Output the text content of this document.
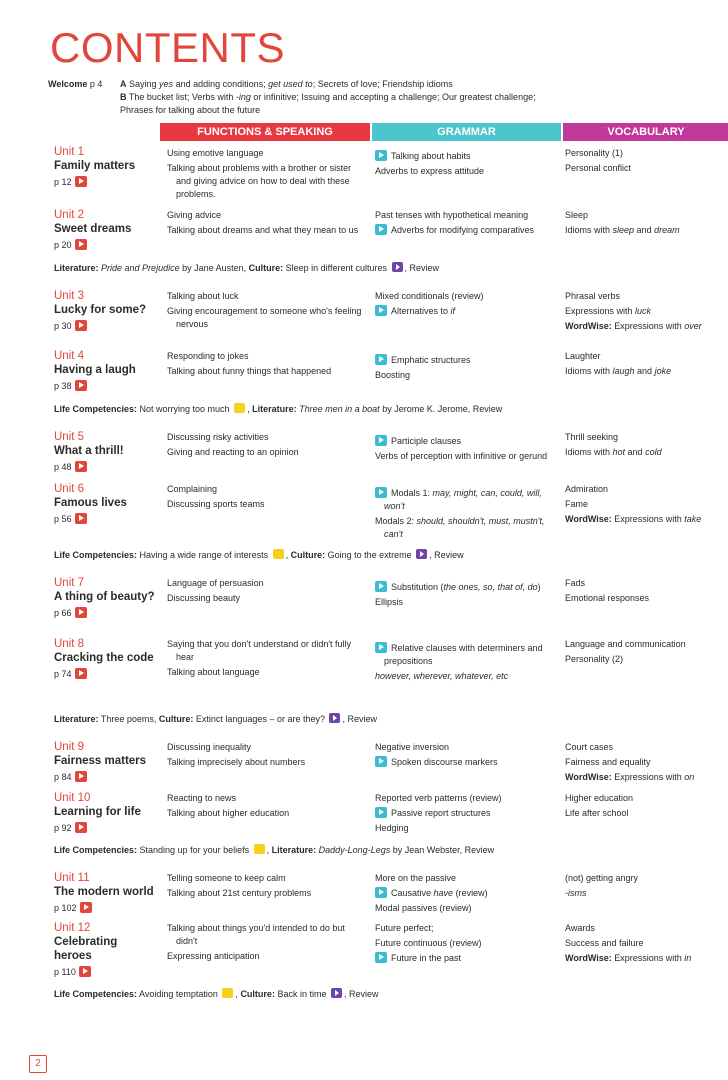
CONTENTS
Welcome p 4 A Saying yes and adding conditions; get used to; Secrets of love; Friendship idioms
B The bucket list; Verbs with -ing or infinitive; Issuing and accepting a challenge; Our greatest challenge;
Phrases for talking about the future
FUNCTIONS & SPEAKING	GRAMMAR	VOCABULARY
Unit 1
Family matters
p 12
Using emotive language
Talking about problems with a brother or sister and giving advice on how to deal with these problems.
Talking about habits
Adverbs to express attitude
Personality (1)
Personal conflict
Unit 2
Sweet dreams
p 20
Giving advice
Talking about dreams and what they mean to us
Past tenses with hypothetical meaning
Adverbs for modifying comparatives
Sleep
Idioms with sleep and dream
Literature: Pride and Prejudice by Jane Austen, Culture: Sleep in different cultures , Review
Unit 3
Lucky for some?
p 30
Talking about luck
Giving encouragement to someone who's feeling nervous
Mixed conditionals (review)
Alternatives to if
Phrasal verbs
Expressions with luck
WordWise: Expressions with over
Unit 4
Having a laugh
p 38
Responding to jokes
Talking about funny things that happened
Emphatic structures
Boosting
Laughter
Idioms with laugh and joke
Life Competencies: Not worrying too much , Literature: Three men in a boat by Jerome K. Jerome, Review
Unit 5
What a thrill!
p 48
Discussing risky activities
Giving and reacting to an opinion
Participle clauses
Verbs of perception with infinitive or gerund
Thrill seeking
Idioms with hot and cold
Unit 6
Famous lives
p 56
Complaining
Discussing sports teams
Modals 1: may, might, can, could, will, won't
Modals 2: should, shouldn't, must, mustn't, can't
Admiration
Fame
WordWise: Expressions with take
Life Competencies: Having a wide range of interests , Culture: Going to the extreme , Review
Unit 7
A thing of beauty?
p 66
Language of persuasion
Discussing beauty
Substitution (the ones, so, that of, do)
Ellipsis
Fads
Emotional responses
Unit 8
Cracking the code
p 74
Saying that you don't understand or didn't fully hear
Talking about language
Relative clauses with determiners and prepositions
however, wherever, whatever, etc
Language and communication
Personality (2)
Literature: Three poems, Culture: Extinct languages – or are they? , Review
Unit 9
Fairness matters
p 84
Discussing inequality
Talking imprecisely about numbers
Negative inversion
Spoken discourse markers
Court cases
Fairness and equality
WordWise: Expressions with on
Unit 10
Learning for life
p 92
Reacting to news
Talking about higher education
Reported verb patterns (review)
Passive report structures
Hedging
Higher education
Life after school
Life Competencies: Standing up for your beliefs , Literature: Daddy-Long-Legs by Jean Webster, Review
Unit 11
The modern world
p 102
Telling someone to keep calm
Talking about 21st century problems
More on the passive
Causative have (review)
Modal passives (review)
(not) getting angry
-isms
Unit 12
Celebrating
heroes
p 110
Talking about things you'd intended to do but didn't
Expressing anticipation
Future perfect;
Future continuous (review)
Future in the past
Awards
Success and failure
WordWise: Expressions with in
Life Competencies: Avoiding temptation , Culture: Back in time , Review
2
